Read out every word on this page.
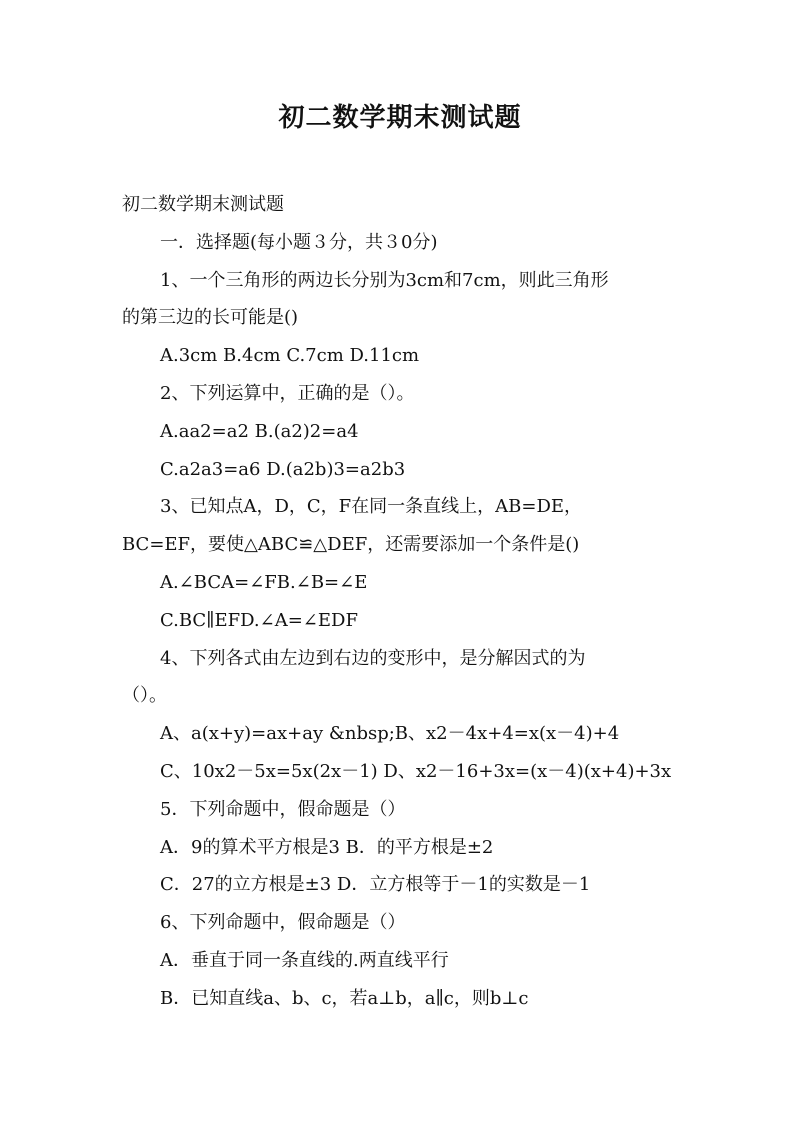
初二数学期末测试题
初二数学期末测试题
一．选择题(每小题３分，共３0分)
1、一个三角形的两边长分别为3cm和7cm，则此三角形
的第三边的长可能是()
A.3cm B.4cm C.7cm D.11cm
2、下列运算中，正确的是（）。
A.aa2=a2 B.(a2)2=a4
C.a2a3=a6 D.(a2b)3=a2b3
3、已知点A，D，C，F在同一条直线上，AB=DE，
BC=EF，要使△ABC≌△DEF，还需要添加一个条件是()
A.∠BCA=∠FB.∠B=∠E
C.BC∥EFD.∠A=∠EDF
4、下列各式由左边到右边的变形中，是分解因式的为
（）。
A、a(x+y)=ax+ay &nbsp;B、x2－4x+4=x(x－4)+4
C、10x2－5x=5x(2x－1) D、x2－16+3x=(x－4)(x+4)+3x
5．下列命题中，假命题是（）
A．9的算术平方根是3 B．的平方根是±2
C．27的立方根是±3 D．立方根等于－1的实数是－1
6、下列命题中，假命题是（）
A．垂直于同一条直线的.两直线平行
B．已知直线a、b、c，若a⊥b，a∥c，则b⊥c
